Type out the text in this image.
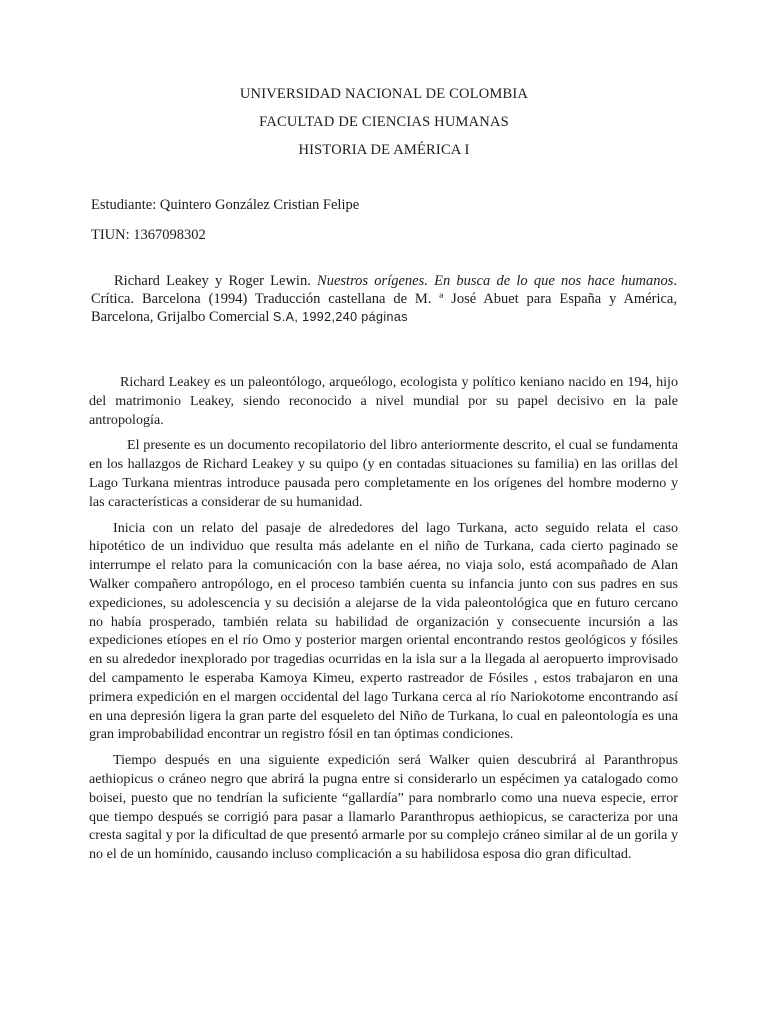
UNIVERSIDAD NACIONAL DE COLOMBIA
FACULTAD DE CIENCIAS HUMANAS
HISTORIA DE AMÉRICA I
Estudiante: Quintero González Cristian Felipe
TIUN: 1367098302
Richard Leakey y Roger Lewin. Nuestros orígenes. En busca de lo que nos hace humanos. Crítica. Barcelona (1994) Traducción castellana de M. ª José Abuet para España y América, Barcelona, Grijalbo Comercial S.A, 1992,240 páginas

Richard Leakey es un paleontólogo, arqueólogo, ecologista y político keniano nacido en 194, hijo del matrimonio Leakey, siendo reconocido a nivel mundial por su papel decisivo en la pale antropología.

El presente es un documento recopilatorio del libro anteriormente descrito, el cual se fundamenta en los hallazgos de Richard Leakey y su quipo (y en contadas situaciones su familia) en las orillas del Lago Turkana mientras introduce pausada pero completamente en los orígenes del hombre moderno y las características a considerar de su humanidad.

Inicia con un relato del pasaje de alrededores del lago Turkana, acto seguido relata el caso hipotético de un individuo que resulta más adelante en el niño de Turkana, cada cierto paginado se interrumpe el relato para la comunicación con la base aérea, no viaja solo, está acompañado de Alan Walker compañero antropólogo, en el proceso también cuenta su infancia junto con sus padres en sus expediciones, su adolescencia y su decisión a alejarse de la vida paleontológica que en futuro cercano no había prosperado, también relata su habilidad de organización y consecuente incursión a las expediciones etíopes en el río Omo y posterior margen oriental encontrando restos geológicos y fósiles en su alrededor inexplorado por tragedias ocurridas en la isla sur a la llegada al aeropuerto improvisado del campamento le esperaba Kamoya Kimeu, experto rastreador de Fósiles , estos trabajaron en una primera expedición en el margen occidental del lago Turkana cerca al río Nariokotome encontrando así en una depresión ligera la gran parte del esqueleto del Niño de Turkana, lo cual en paleontología es una gran improbabilidad encontrar un registro fósil en tan óptimas condiciones.

Tiempo después en una siguiente expedición será Walker quien descubrirá al Paranthropus aethiopicus o cráneo negro que abrirá la pugna entre si considerarlo un espécimen ya catalogado como boisei, puesto que no tendrían la suficiente “gallardía” para nombrarlo como una nueva especie, error que tiempo después se corrigió para pasar a llamarlo Paranthropus aethiopicus, se caracteriza por una cresta sagital y por la dificultad de que presentó armarle por su complejo cráneo similar al de un gorila y no el de un homínido, causando incluso complicación a su habilidosa esposa dio gran dificultad.
